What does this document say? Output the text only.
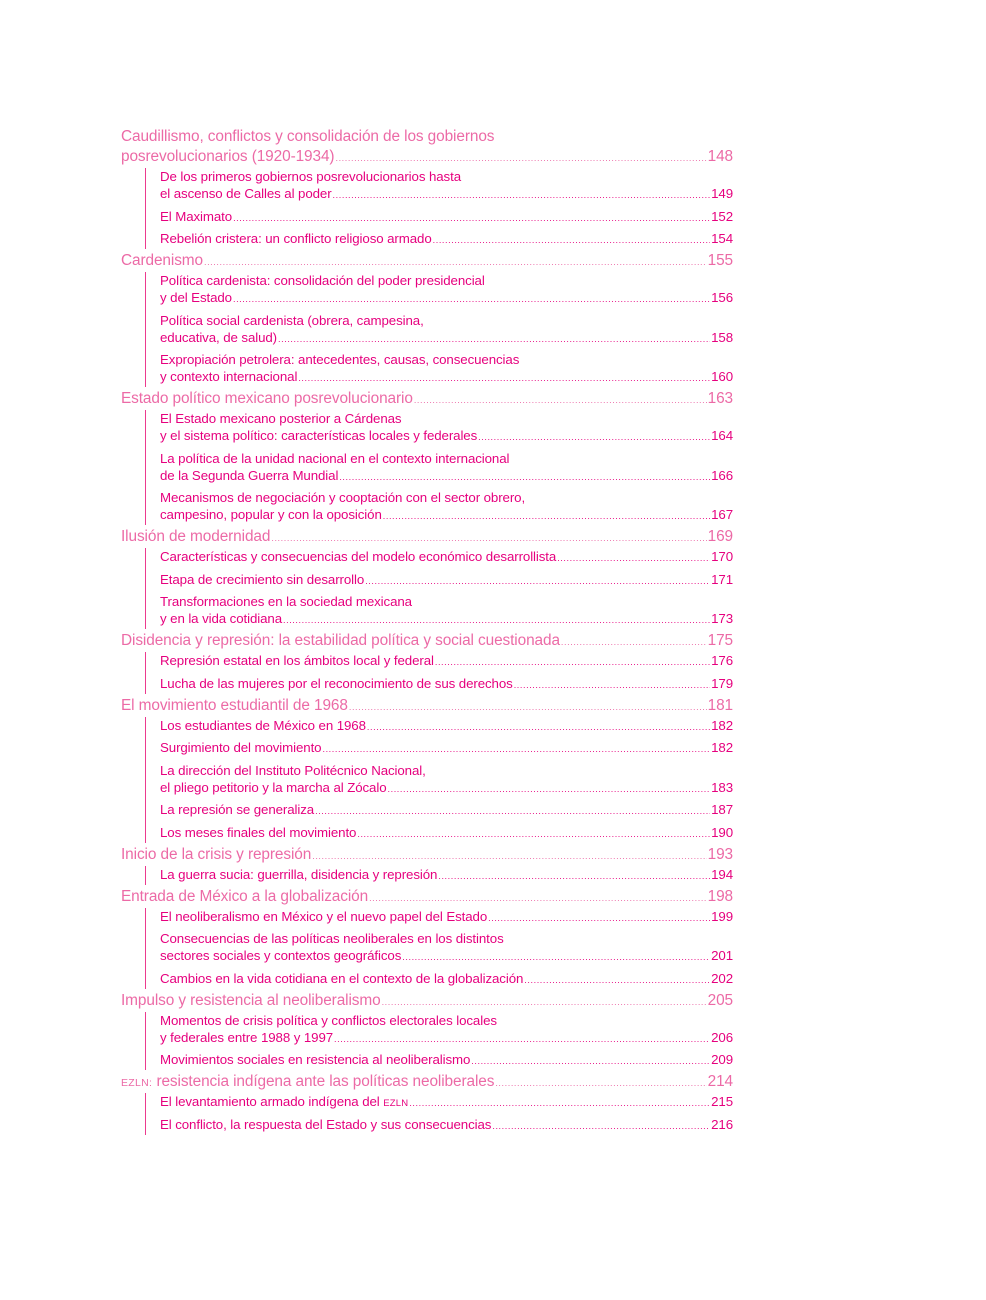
Caudillismo, conflictos y consolidación de los gobiernos
posrevolucionarios (1920-1934) .....	148
De los primeros gobiernos posrevolucionarios hasta
el ascenso de Calles al poder .....	149
El Maximato .....	152
Rebelión cristera: un conflicto religioso armado .....	154
Cardenismo .....	155
Política cardenista: consolidación del poder presidencial
y del Estado .....	156
Política social cardenista (obrera, campesina,
educativa, de salud) .....	158
Expropiación petrolera: antecedentes, causas, consecuencias
y contexto internacional .....	160
Estado político mexicano posrevolucionario .....	163
El Estado mexicano posterior a Cárdenas
y el sistema político: características locales y federales .....	164
La política de la unidad nacional en el contexto internacional
de la Segunda Guerra Mundial .....	166
Mecanismos de negociación y cooptación con el sector obrero,
campesino, popular y con la oposición .....	167
Ilusión de modernidad .....	169
Características y consecuencias del modelo económico desarrollista .....	170
Etapa de crecimiento sin desarrollo .....	171
Transformaciones en la sociedad mexicana
y en la vida cotidiana .....	173
Disidencia y represión: la estabilidad política y social cuestionada .....	175
Represión estatal en los ámbitos local y federal .....	176
Lucha de las mujeres por el reconocimiento de sus derechos .....	179
El movimiento estudiantil de 1968 .....	181
Los estudiantes de México en 1968 .....	182
Surgimiento del movimiento .....	182
La dirección del Instituto Politécnico Nacional,
el pliego petitorio y la marcha al Zócalo .....	183
La represión se generaliza .....	187
Los meses finales del movimiento .....	190
Inicio de la crisis y represión .....	193
La guerra sucia: guerrilla, disidencia y represión .....	194
Entrada de México a la globalización .....	198
El neoliberalismo en México y el nuevo papel del Estado .....	199
Consecuencias de las políticas neoliberales en los distintos
sectores sociales y contextos geográficos .....	201
Cambios en la vida cotidiana en el contexto de la globalización .....	202
Impulso y resistencia al neoliberalismo .....	205
Momentos de crisis política y conflictos electorales locales
y federales entre 1988 y 1997 .....	206
Movimientos sociales en resistencia al neoliberalismo .....	209
EZLN: resistencia indígena ante las políticas neoliberales .....	214
El levantamiento armado indígena del EZLN .....	215
El conflicto, la respuesta del Estado y sus consecuencias .....	216
